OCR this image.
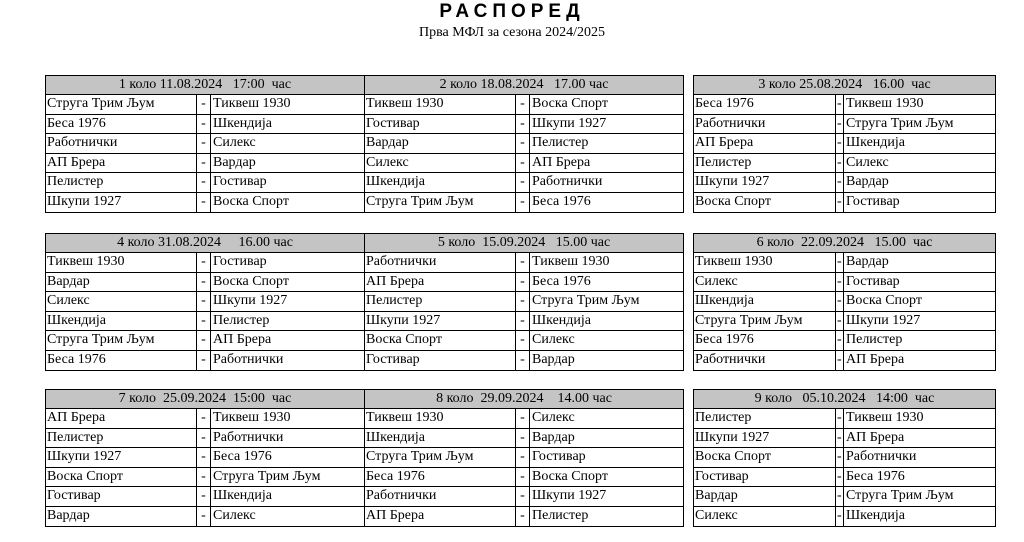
РАСПОРЕД
Прва МФЛ за сезона 2024/2025
1 коло 11.08.2024   17:00  час
Струга Трим Љум	- Тиквеш 1930
Беса 1976	- Шкендија
Работнички	- Силекс
АП Брера	- Вардар
Пелистер	- Гостивар
Шкупи 1927	- Воска Спорт
2 коло 18.08.2024   17.00 час
Тиквеш 1930	- Воска Спорт
Гостивар	- Шкупи 1927
Вардар	- Пелистер
Силекс	- АП Брера
Шкендија	- Работнички
Струга Трим Љум	- Беса 1976
3 коло 25.08.2024   16.00  час
Беса 1976	- Тиквеш 1930
Работнички	- Струга Трим Љум
АП Брера	- Шкендија
Пелистер	- Силекс
Шкупи 1927	- Вардар
Воска Спорт	- Гостивар
4 коло 31.08.2024     16.00 час
Тиквеш 1930	- Гостивар
Вардар	- Воска Спорт
Силекс	- Шкупи 1927
Шкендија	- Пелистер
Струга Трим Љум	- АП Брера
Беса 1976	- Работнички
5 коло  15.09.2024   15.00 час
Работнички	- Тиквеш 1930
АП Брера	- Беса 1976
Пелистер	- Струга Трим Љум
Шкупи 1927	- Шкендија
Воска Спорт	- Силекс
Гостивар	- Вардар
6 коло  22.09.2024   15.00  час
Тиквеш 1930	- Вардар
Силекс	- Гостивар
Шкендија	- Воска Спорт
Струга Трим Љум	- Шкупи 1927
Беса 1976	- Пелистер
Работнички	- АП Брера
7 коло  25.09.2024  15:00  час
АП Брера	- Тиквеш 1930
Пелистер	- Работнички
Шкупи 1927	- Беса 1976
Воска Спорт	- Струга Трим Љум
Гостивар	- Шкендија
Вардар	- Силекс
8 коло  29.09.2024    14.00 час
Тиквеш 1930	- Силекс
Шкендија	- Вардар
Струга Трим Љум	- Гостивар
Беса 1976	- Воска Спорт
Работнички	- Шкупи 1927
АП Брера	- Пелистер
9 коло   05.10.2024   14:00  час
Пелистер	- Тиквеш 1930
Шкупи 1927	- АП Брера
Воска Спорт	- Работнички
Гостивар	- Беса 1976
Вардар	- Струга Трим Љум
Силекс	- Шкендија
